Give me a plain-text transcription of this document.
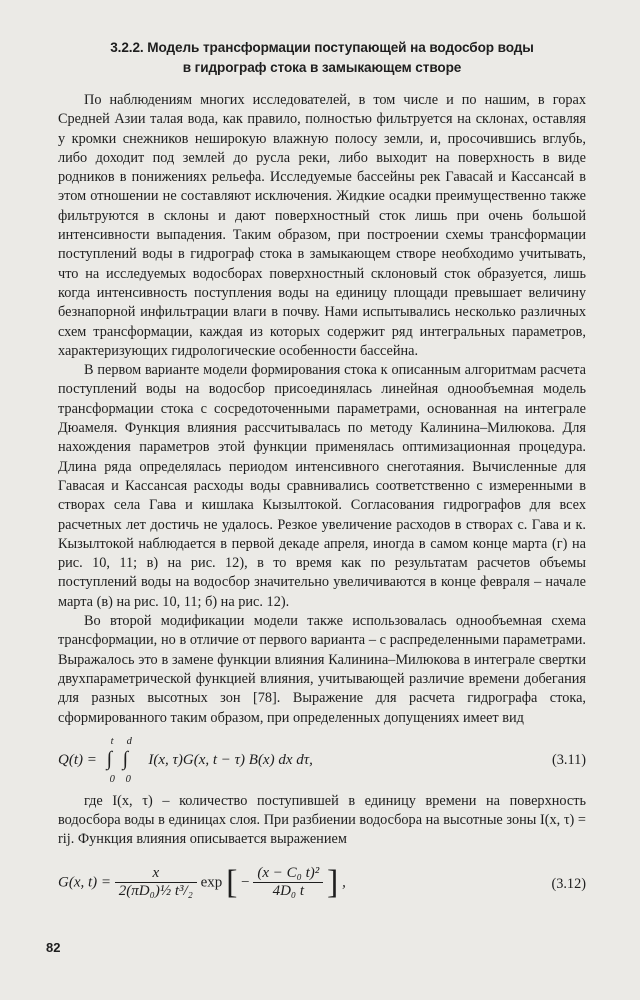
3.2.2. Модель трансформации поступающей на водосбор воды
в гидрограф стока в замыкающем створе

По наблюдениям многих исследователей, в том числе и по нашим, в горах Средней Азии талая вода, как правило, полностью фильтруется на склонах, оставляя у кромки снежников неширокую влажную полосу земли, и, просочившись вглубь, либо доходит под землей до русла реки, либо выходит на поверхность в виде родников в понижениях рельефа. Исследуемые бассейны рек Гавасай и Кассансай в этом отношении не составляют исключения. Жидкие осадки преимущественно также фильтруются в склоны и дают поверхностный сток лишь при очень большой интенсивности выпадения. Таким образом, при построении схемы трансформации поступлений воды в гидрограф стока в замыкающем створе необходимо учитывать, что на исследуемых водосборах поверхностный склоновый сток образуется, лишь когда интенсивность поступления воды на единицу площади превышает величину безнапорной инфильтрации влаги в почву. Нами испытывались несколько различных схем трансформации, каждая из которых содержит ряд интегральных параметров, характеризующих гидрологические особенности бассейна.

В первом варианте модели формирования стока к описанным алгоритмам расчета поступлений воды на водосбор присоединялась линейная однообъемная модель трансформации стока с сосредоточенными параметрами, основанная на интеграле Дюамеля. Функция влияния рассчитывалась по методу Калинина–Милюкова. Для нахождения параметров этой функции применялась оптимизационная процедура. Длина ряда определялась периодом интенсивного снеготаяния. Вычисленные для Гавасая и Кассансая расходы воды сравнивались соответственно с измеренными в створах села Гава и кишлака Кызылтокой. Согласования гидрографов для всех расчетных лет достичь не удалось. Резкое увеличение расходов в створах с. Гава и к. Кызылтокой наблюдается в первой декаде апреля, иногда в самом конце марта (г) на рис. 10, 11; в) на рис. 12), в то время как по результатам расчетов объемы поступлений воды на водосбор значительно увеличиваются в конце февраля – начале марта (в) на рис. 10, 11; б) на рис. 12).

Во второй модификации модели также использовалась однообъемная схема трансформации, но в отличие от первого варианта – с распределенными параметрами. Выражалось это в замене функции влияния Калинина–Милюкова в интеграле свертки двухпараметрической функцией влияния, учитывающей различие времени добегания для разных высотных зон [78]. Выражение для расчета гидрографа стока, сформированного таким образом, при определенных допущениях имеет вид

Q(t) = ∫ ∫
t d
0 0
I(x, τ)G(x, t − τ) B(x) dx dτ,	(3.11)

где I(x, τ) – количество поступившей в единицу времени на поверхность водосбора воды в единицах слоя. При разбиении водосбора на высотные зоны I(x, τ) = rij. Функция влияния описывается выражением

G(x, $t) = \frac{x}{\text{2(πD₀)½ t³/₂}}$ exp [ − $\frac{\text{(x − C₀ t)²}}{\text{4D₀ t}}$ ] ,	(3.12)
82
